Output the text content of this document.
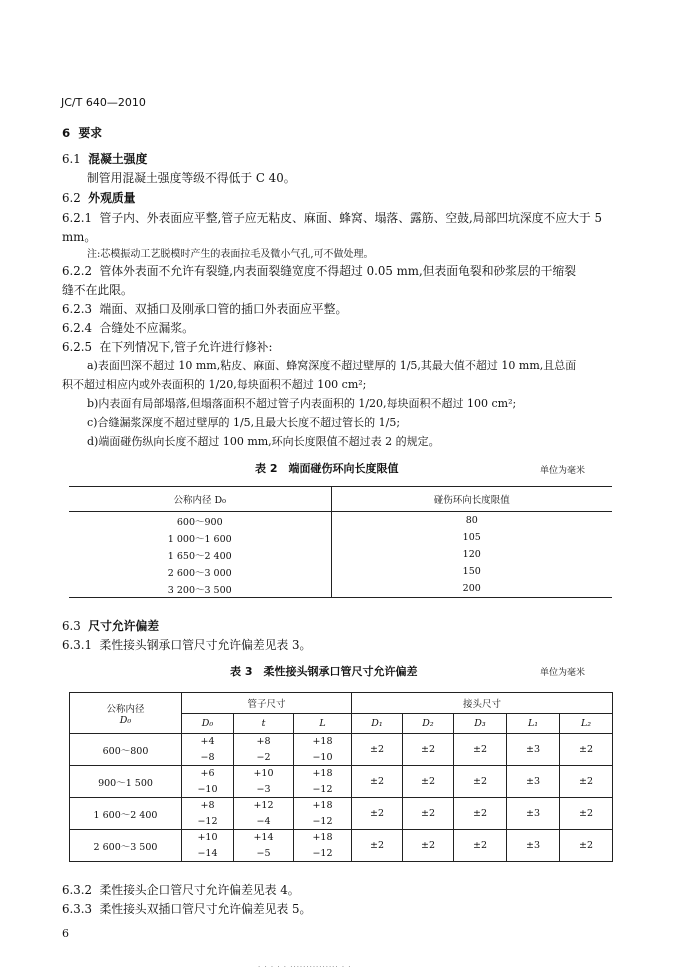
JC/T 640—2010
6 要求
6.1 混凝土强度
制管用混凝土强度等级不得低于 C 40。
6.2 外观质量
6.2.1 管子内、外表面应平整,管子应无粘皮、麻面、蜂窝、塌落、露筋、空鼓,局部凹坑深度不应大于 5
mm。
注:芯模振动工艺脱模时产生的表面拉毛及微小气孔,可不做处理。
6.2.2 管体外表面不允许有裂缝,内表面裂缝宽度不得超过 0.05 mm,但表面龟裂和砂浆层的干缩裂
缝不在此限。
6.2.3 端面、双插口及刚承口管的插口外表面应平整。
6.2.4 合缝处不应漏浆。
6.2.5 在下列情况下,管子允许进行修补:
a)表面凹深不超过 10 mm,粘皮、麻面、蜂窝深度不超过壁厚的 1/5,其最大值不超过 10 mm,且总面
积不超过相应内或外表面积的 1/20,每块面积不超过 100 cm²;
b)内表面有局部塌落,但塌落面积不超过管子内表面积的 1/20,每块面积不超过 100 cm²;
c)合缝漏浆深度不超过壁厚的 1/5,且最大长度不超过管长的 1/5;
d)端面碰伤纵向长度不超过 100 mm,环向长度限值不超过表 2 的规定。
表 2　端面碰伤环向长度限值	单位为毫米
公称内径 D₀	碰伤环向长度限值
600～900	80
1 000～1 600	105
1 650～2 400	120
2 600～3 000	150
3 200～3 500	200
6.3 尺寸允许偏差
6.3.1 柔性接头钢承口管尺寸允许偏差见表 3。
表 3　柔性接头钢承口管尺寸允许偏差	单位为毫米
公称内径
D₀	管子尺寸			接头尺寸				
	D₀	t	L	D₁	D₂	D₃	L₁	L₂
600～800	+4	+8	+18	±2	±2	±2	±3	±2
	−8	−2	−10					
900～1 500	+6	+10	+18	±2	±2	±2	±3	±2
	−10	−3	−12					
1 600～2 400	+8	+12	+18	±2	±2	±2	±3	±2
	−12	−4	−12					
2 600～3 500	+10	+14	+18	±2	±2	±2	±3	±2
	−14	−5	−12					
6.3.2 柔性接头企口管尺寸允许偏差见表 4。
6.3.3 柔性接头双插口管尺寸允许偏差见表 5。
6
· · · · · ··············· · ·
